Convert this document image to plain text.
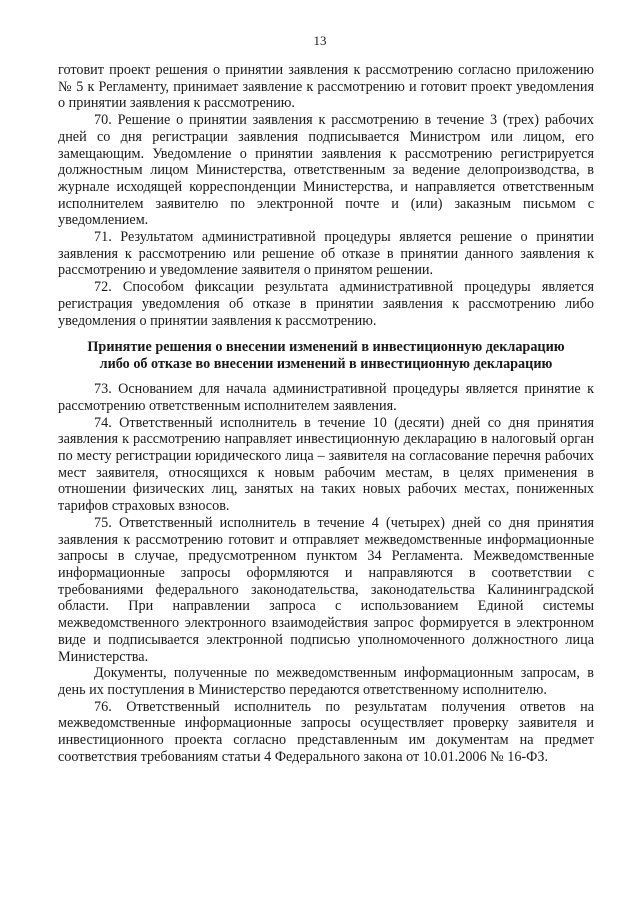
13

готовит проект решения о принятии заявления к рассмотрению согласно приложению № 5 к Регламенту, принимает заявление к рассмотрению и готовит проект уведомления о принятии заявления к рассмотрению.

70. Решение о принятии заявления к рассмотрению в течение 3 (трех) рабочих дней со дня регистрации заявления подписывается Министром или лицом, его замещающим. Уведомление о принятии заявления к рассмотрению регистрируется должностным лицом Министерства, ответственным за ведение делопроизводства, в журнале исходящей корреспонденции Министерства, и направляется ответственным исполнителем заявителю по электронной почте и (или) заказным письмом с уведомлением.

71. Результатом административной процедуры является решение о принятии заявления к рассмотрению или решение об отказе в принятии данного заявления к рассмотрению и уведомление заявителя о принятом решении.

72. Способом фиксации результата административной процедуры является регистрация уведомления об отказе в принятии заявления к рассмотрению либо уведомления о принятии заявления к рассмотрению.

Принятие решения о внесении изменений в инвестиционную декларацию
либо об отказе во внесении изменений в инвестиционную декларацию

73. Основанием для начала административной процедуры является принятие к рассмотрению ответственным исполнителем заявления.

74. Ответственный исполнитель в течение 10 (десяти) дней со дня принятия заявления к рассмотрению направляет инвестиционную декларацию в налоговый орган по месту регистрации юридического лица – заявителя на согласование перечня рабочих мест заявителя, относящихся к новым рабочим местам, в целях применения в отношении физических лиц, занятых на таких новых рабочих местах, пониженных тарифов страховых взносов.

75. Ответственный исполнитель в течение 4 (четырех) дней со дня принятия заявления к рассмотрению готовит и отправляет межведомственные информационные запросы в случае, предусмотренном пунктом 34 Регламента. Межведомственные информационные запросы оформляются и направляются в соответствии с требованиями федерального законодательства, законодательства Калининградской области. При направлении запроса с использованием Единой системы межведомственного электронного взаимодействия запрос формируется в электронном виде и подписывается электронной подписью уполномоченного должностного лица Министерства.

Документы, полученные по межведомственным информационным запросам, в день их поступления в Министерство передаются ответственному исполнителю.

76. Ответственный исполнитель по результатам получения ответов на межведомственные информационные запросы осуществляет проверку заявителя и инвестиционного проекта согласно представленным им документам на предмет соответствия требованиям статьи 4 Федерального закона от 10.01.2006 № 16-ФЗ.
